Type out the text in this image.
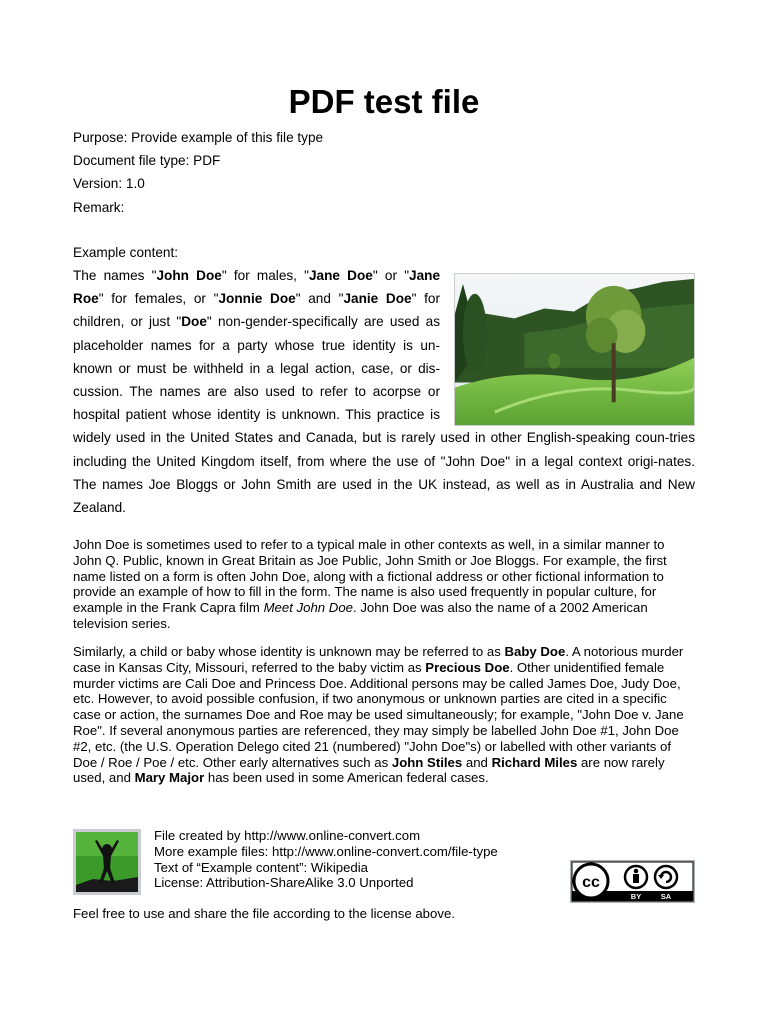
PDF test file
Purpose: Provide example of this file type
Document file type: PDF
Version: 1.0
Remark:
Example content:
The names "John Doe" for males, "Jane Doe" or "Jane Roe" for females, or "Jonnie Doe" and "Janie Doe" for children, or just "Doe" non-gender-specifically are used as placeholder names for a party whose true identity is un-known or must be withheld in a legal action, case, or dis-cussion. The names are also used to refer to acorpse or hospital patient whose identity is unknown. This practice is widely used in the United States and Canada, but is rarely used in other English-speaking coun-tries including the United Kingdom itself, from where the use of "John Doe" in a legal context origi-nates. The names Joe Bloggs or John Smith are used in the UK instead, as well as in Australia and New Zealand.

John Doe is sometimes used to refer to a typical male in other contexts as well, in a similar manner to John Q. Public, known in Great Britain as Joe Public, John Smith or Joe Bloggs. For example, the first name listed on a form is often John Doe, along with a fictional address or other fictional information to provide an example of how to fill in the form. The name is also used frequently in popular culture, for example in the Frank Capra film Meet John Doe. John Doe was also the name of a 2002 American television series.

Similarly, a child or baby whose identity is unknown may be referred to as Baby Doe. A notorious murder case in Kansas City, Missouri, referred to the baby victim as Precious Doe. Other unidentified female murder victims are Cali Doe and Princess Doe. Additional persons may be called James Doe, Judy Doe, etc. However, to avoid possible confusion, if two anonymous or unknown parties are cited in a specific case or action, the surnames Doe and Roe may be used simultaneously; for example, "John Doe v. Jane Roe". If several anonymous parties are referenced, they may simply be labelled John Doe #1, John Doe #2, etc. (the U.S. Operation Delego cited 21 (numbered) "John Doe"s) or labelled with other variants of Doe / Roe / Poe / etc. Other early alternatives such as John Stiles and Richard Miles are now rarely used, and Mary Major has been used in some American federal cases.

File created by http://www.online-convert.com
More example files: http://www.online-convert.com/file-type
Text of “Example content”: Wikipedia
License: Attribution-ShareAlike 3.0 Unported	cc
BY	SA
Feel free to use and share the file according to the license above.
